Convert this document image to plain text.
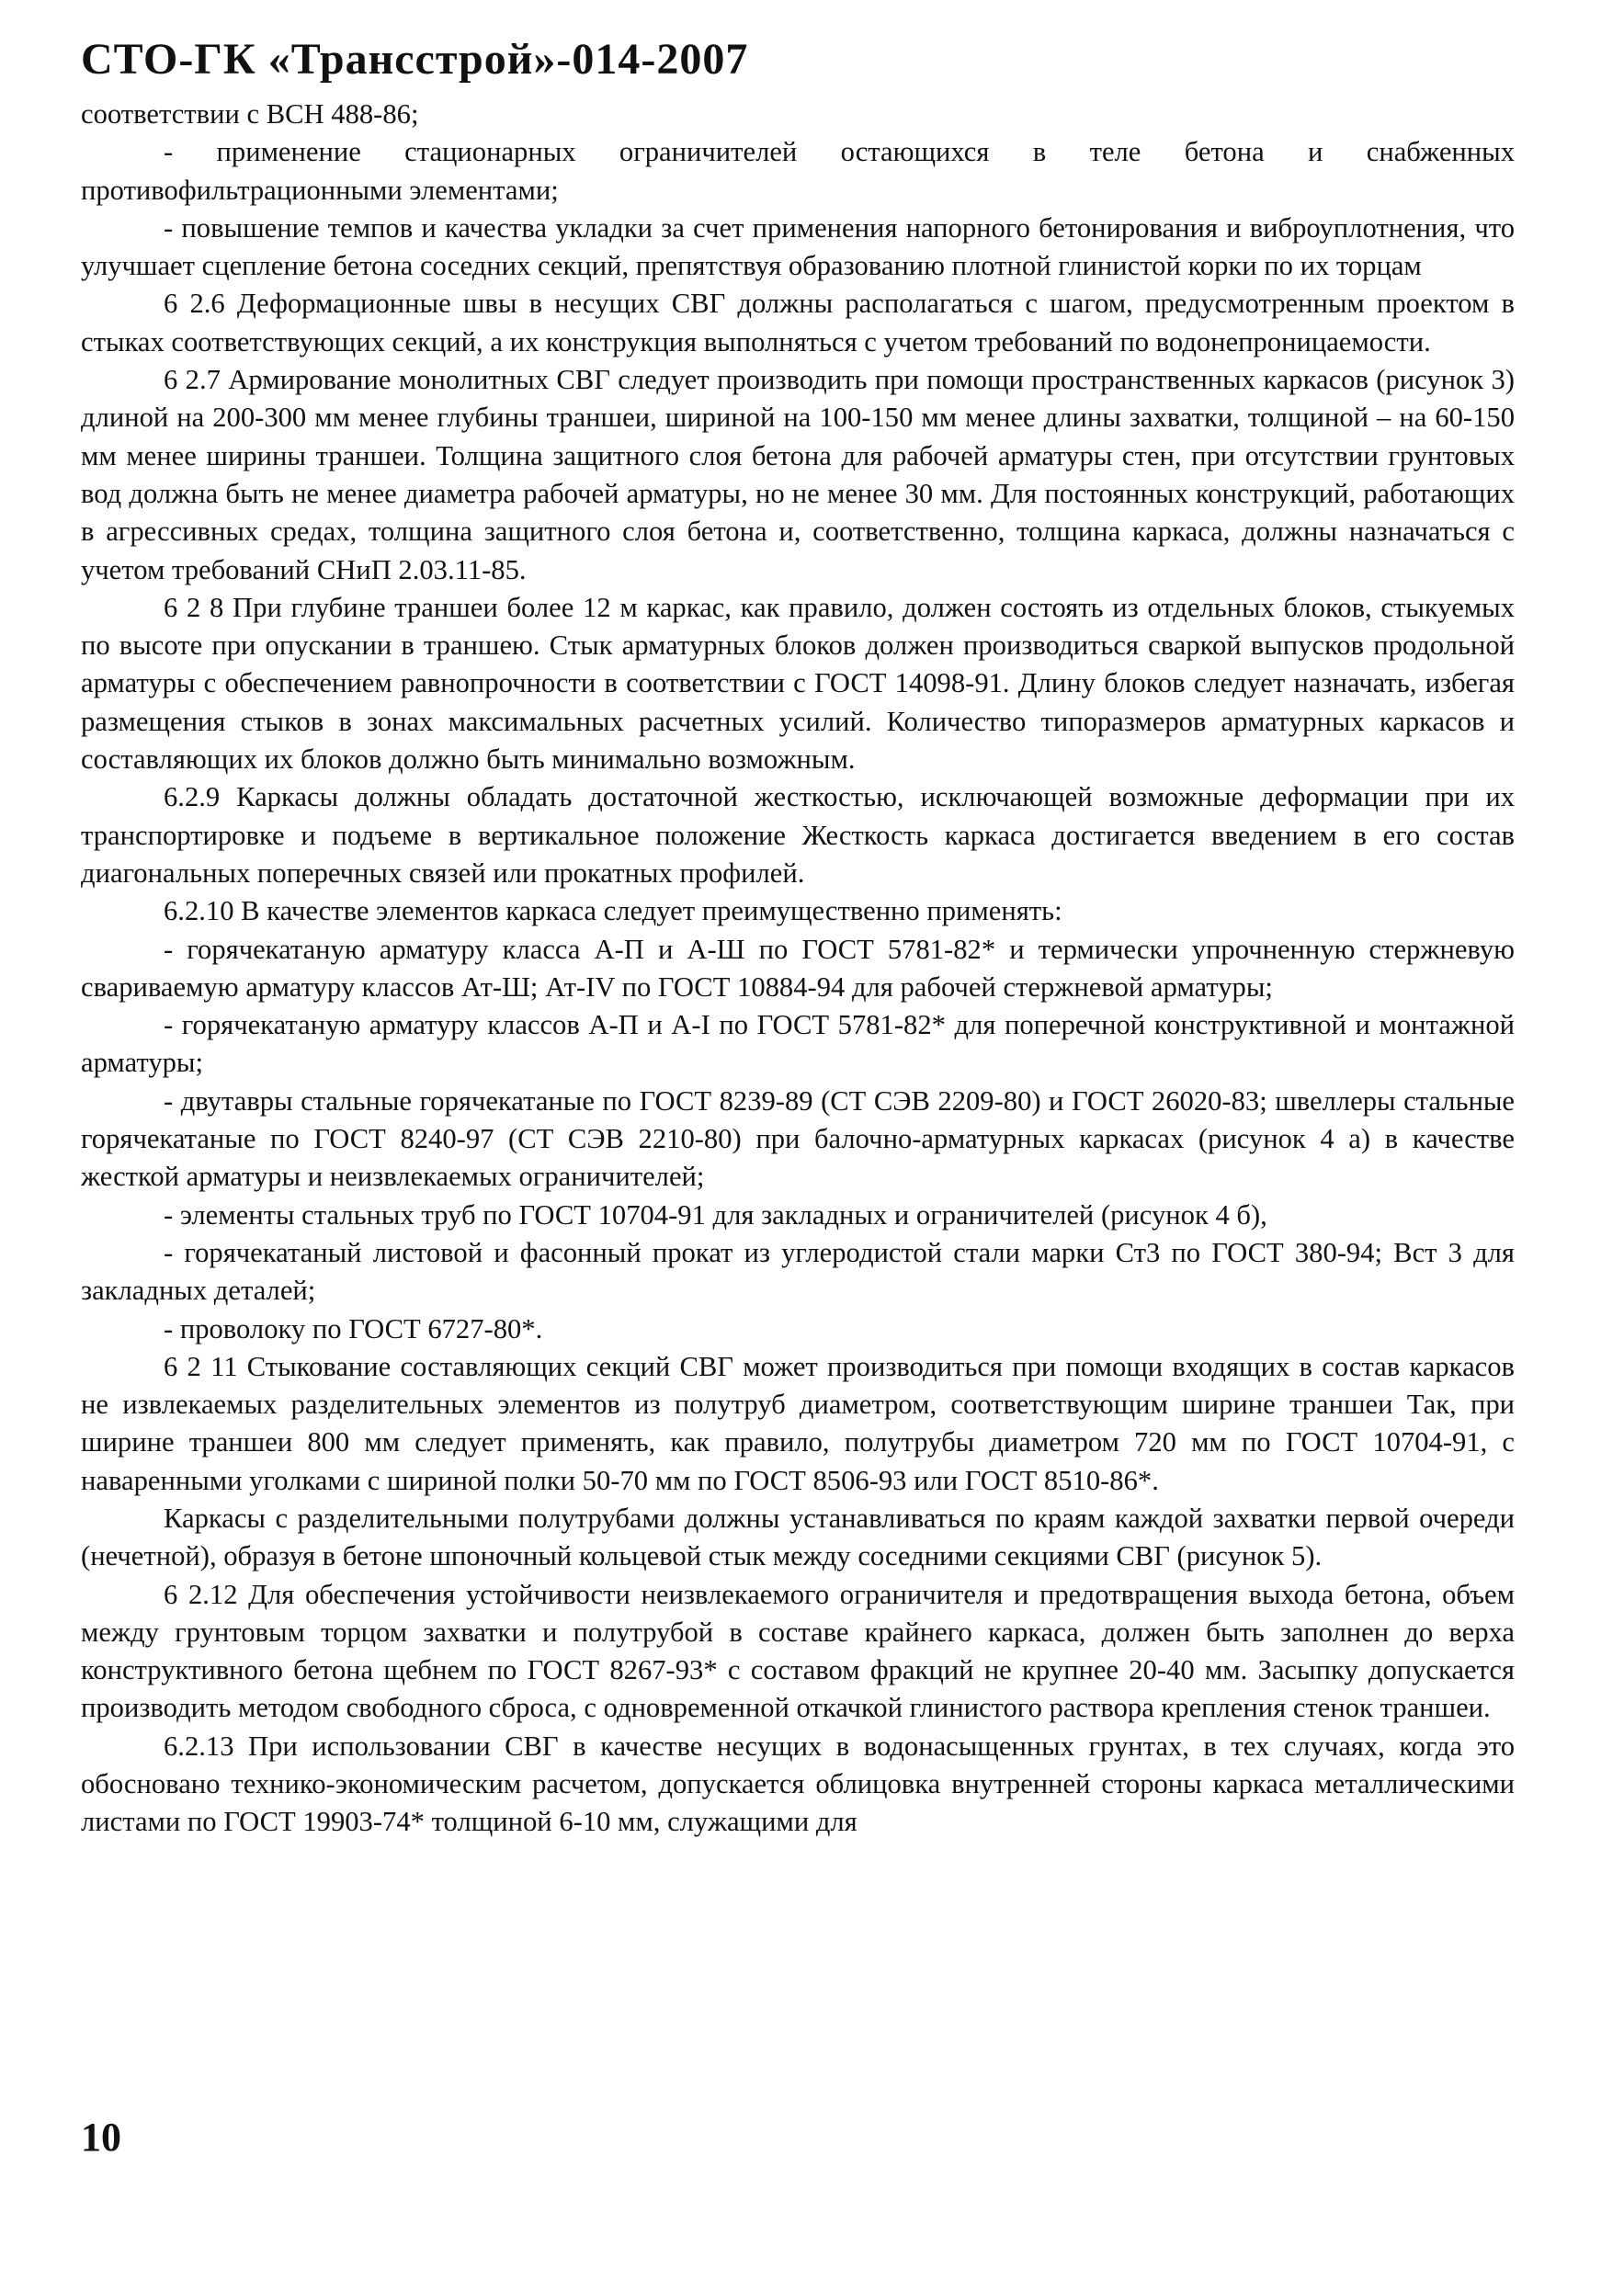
СТО-ГК «Трансстрой»-014-2007

соответствии с ВСН 488-86;

- применение стационарных ограничителей остающихся в теле бетона и снабженных противофильтрационными элементами;

- повышение темпов и качества укладки за счет применения напорного бетонирования и виброуплотнения, что улучшает сцепление бетона соседних секций, препятствуя образованию плотной глинистой корки по их торцам

6 2.6 Деформационные швы в несущих СВГ должны располагаться с шагом, предусмотренным проектом в стыках соответствующих секций, а их конструкция выполняться с учетом требований по водонепроницаемости.

6 2.7 Армирование монолитных СВГ следует производить при помощи пространственных каркасов (рисунок 3) длиной на 200-300 мм менее глубины траншеи, шириной на 100-150 мм менее длины захватки, толщиной – на 60-150 мм менее ширины траншеи. Толщина защитного слоя бетона для рабочей арматуры стен, при отсутствии грунтовых вод должна быть не менее диаметра рабочей арматуры, но не менее 30 мм. Для постоянных конструкций, работающих в агрессивных средах, толщина защитного слоя бетона и, соответственно, толщина каркаса, должны назначаться с учетом требований СНиП 2.03.11-85.

6 2 8 При глубине траншеи более 12 м каркас, как правило, должен состоять из отдельных блоков, стыкуемых по высоте при опускании в траншею. Стык арматурных блоков должен производиться сваркой выпусков продольной арматуры с обеспечением равнопрочности в соответствии с ГОСТ 14098-91. Длину блоков следует назначать, избегая размещения стыков в зонах максимальных расчетных усилий. Количество типоразмеров арматурных каркасов и составляющих их блоков должно быть минимально возможным.

6.2.9 Каркасы должны обладать достаточной жесткостью, исключающей возможные деформации при их транспортировке и подъеме в вертикальное положение Жесткость каркаса достигается введением в его состав диагональных поперечных связей или прокатных профилей.

6.2.10 В качестве элементов каркаса следует преимущественно применять:

- горячекатаную арматуру класса А-П и А-Ш по ГОСТ 5781-82* и термически упрочненную стержневую свариваемую арматуру классов Ат-Ш; Ат-IV по ГОСТ 10884-94 для рабочей стержневой арматуры;

- горячекатаную арматуру классов А-П и А-I по ГОСТ 5781-82* для поперечной конструктивной и монтажной арматуры;

- двутавры стальные горячекатаные по ГОСТ 8239-89 (СТ СЭВ 2209-80) и ГОСТ 26020-83; швеллеры стальные горячекатаные по ГОСТ 8240-97 (СТ СЭВ 2210-80) при балочно-арматурных каркасах (рисунок 4 а) в качестве жесткой арматуры и неизвлекаемых ограничителей;

- элементы стальных труб по ГОСТ 10704-91 для закладных и ограничителей (рисунок 4 б),

- горячекатаный листовой и фасонный прокат из углеродистой стали марки Ст3 по ГОСТ 380-94; Вст 3 для закладных деталей;

- проволоку по ГОСТ 6727-80*.

6 2 11 Стыкование составляющих секций СВГ может производиться при помощи входящих в состав каркасов не извлекаемых разделительных элементов из полутруб диаметром, соответствующим ширине траншеи Так, при ширине траншеи 800 мм следует применять, как правило, полутрубы диаметром 720 мм по ГОСТ 10704-91, с наваренными уголками с шириной полки 50-70 мм по ГОСТ 8506-93 или ГОСТ 8510-86*.

Каркасы с разделительными полутрубами должны устанавливаться по краям каждой захватки первой очереди (нечетной), образуя в бетоне шпоночный кольцевой стык между соседними секциями СВГ (рисунок 5).

6 2.12 Для обеспечения устойчивости неизвлекаемого ограничителя и предотвращения выхода бетона, объем между грунтовым торцом захватки и полутрубой в составе крайнего каркаса, должен быть заполнен до верха конструктивного бетона щебнем по ГОСТ 8267-93* с составом фракций не крупнее 20-40 мм. Засыпку допускается производить методом свободного сброса, с одновременной откачкой глинистого раствора крепления стенок траншеи.

6.2.13 При использовании СВГ в качестве несущих в водонасыщенных грунтах, в тех случаях, когда это обосновано технико-экономическим расчетом, допускается облицовка внутренней стороны каркаса металлическими листами по ГОСТ 19903-74* толщиной 6-10 мм, служащими для

10
